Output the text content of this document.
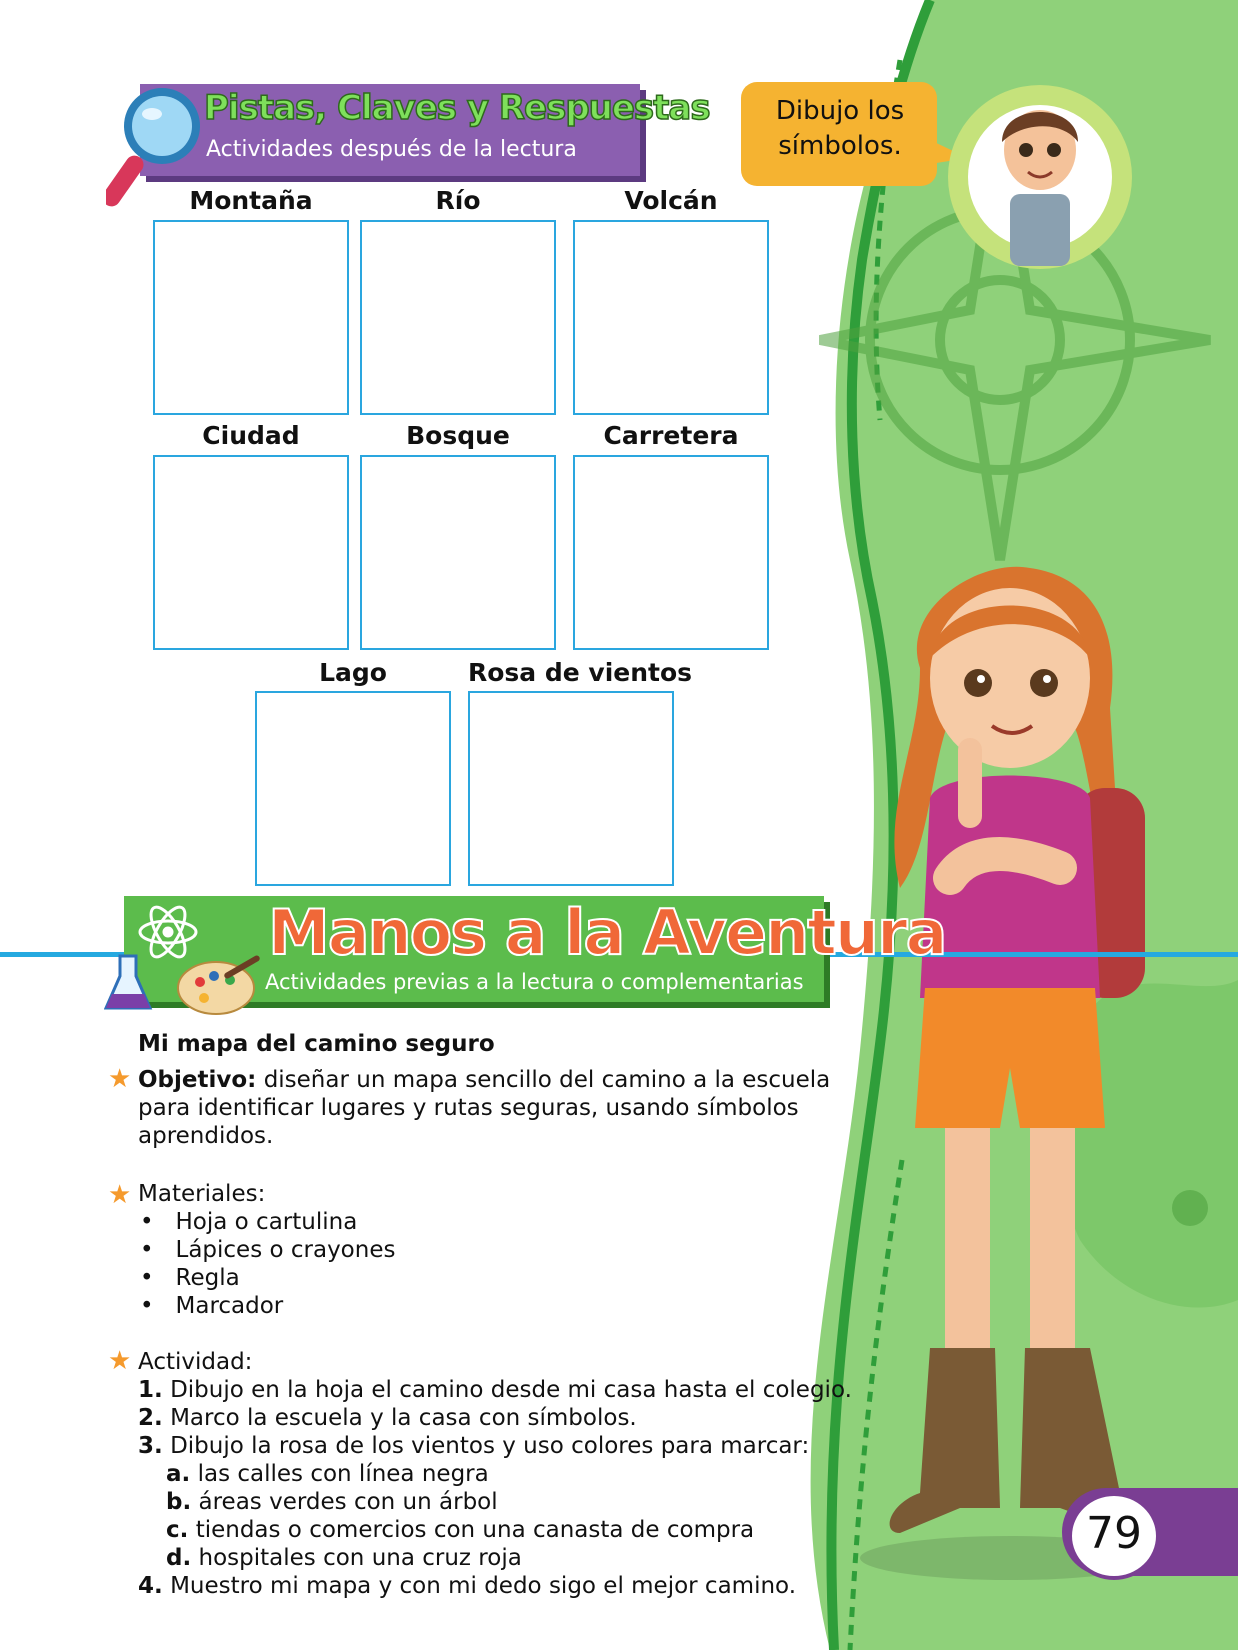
Pistas, Claves y Respuestas
Actividades después de la lectura
Dibujo los símbolos.
Montaña	Río	Volcán
Ciudad	Bosque	Carretera
Lago	Rosa de vientos
Manos a la Aventura
Actividades previas a la lectura o complementarias
Mi mapa del camino seguro
★ Objetivo: diseñar un mapa sencillo del camino a la escuela
para identificar lugares y rutas seguras, usando símbolos
aprendidos.
★ Materiales:
•   Hoja o cartulina
•   Lápices o crayones
•   Regla
•   Marcador
★ Actividad:
1. Dibujo en la hoja el camino desde mi casa hasta el colegio.
2. Marco la escuela y la casa con símbolos.
3. Dibujo la rosa de los vientos y uso colores para marcar:
a. las calles con línea negra
b. áreas verdes con un árbol
c. tiendas o comercios con una canasta de compra
d. hospitales con una cruz roja
4. Muestro mi mapa y con mi dedo sigo el mejor camino.
79
